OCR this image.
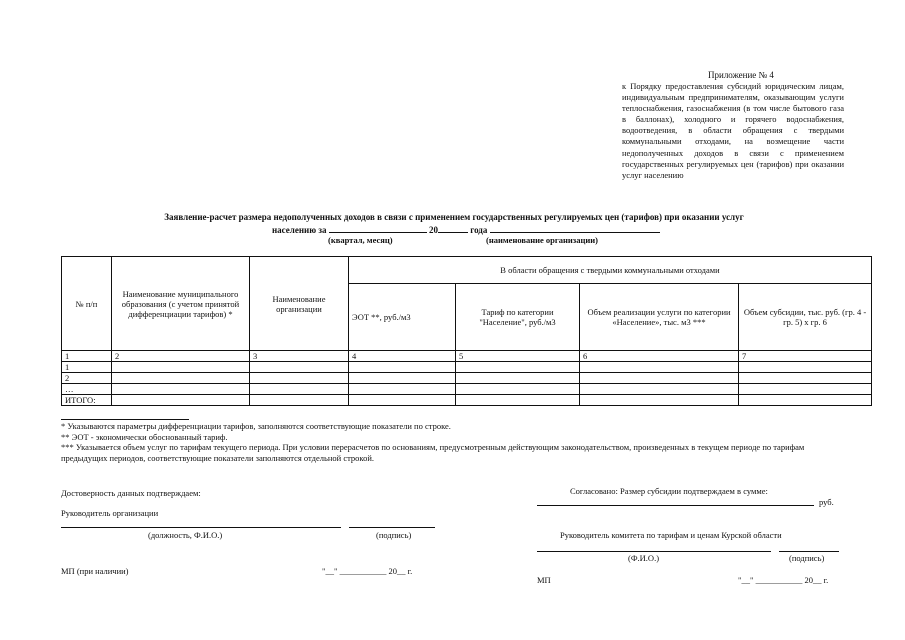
Приложение № 4
к Порядку предоставления субсидий юридическим лицам, индивидуальным предпринимателям, оказывающим услуги теплоснабжения, газоснабжения (в том числе бытового газа в баллонах), холодного и горячего водоснабжения, водоотведения, в области обращения с твердыми коммунальными отходами, на возмещение части недополученных доходов в связи с применением государственных регулируемых цен (тарифов) при оказании услуг населению
Заявление-расчет размера недополученных доходов в связи с применением государственных регулируемых цен (тарифов) при оказании услуг
населению за	20	года
(квартал, месяц)	(наименование организации)
№ п/п	Наименование муниципального образования (с учетом принятой дифференциации тарифов) *	Наименование организации	В области обращения с твердыми коммунальными отходами			
			ЭОТ **, руб./м3	Тариф по категории "Население", руб./м3	Объем реализации услуги по категории «Население», тыс. м3 ***	Объем субсидии, тыс. руб. (гр. 4 - гр. 5) х гр. 6
1	2	3	4	5	6	7
1						
2						
…						
ИТОГО:						
* Указываются параметры дифференциации тарифов, заполняются соответствующие показатели по строке.
** ЭОТ - экономически обоснованный тариф.
*** Указывается объем услуг по тарифам текущего периода. При условии перерасчетов по основаниям, предусмотренным действующим законодательством, произведенных в текущем периоде по тарифам предыдущих периодов, соответствующие показатели заполняются отдельной строкой.
Достоверность данных подтверждаем:
Руководитель организации
(должность, Ф.И.О.)	(подпись)
МП (при наличии)	"__" ___________ 20__ г.
Согласовано: Размер субсидии подтверждаем в сумме:
руб.
Руководитель комитета по тарифам и ценам Курской области
(Ф.И.О.)	(подпись)
МП	"__" ___________ 20__ г.
